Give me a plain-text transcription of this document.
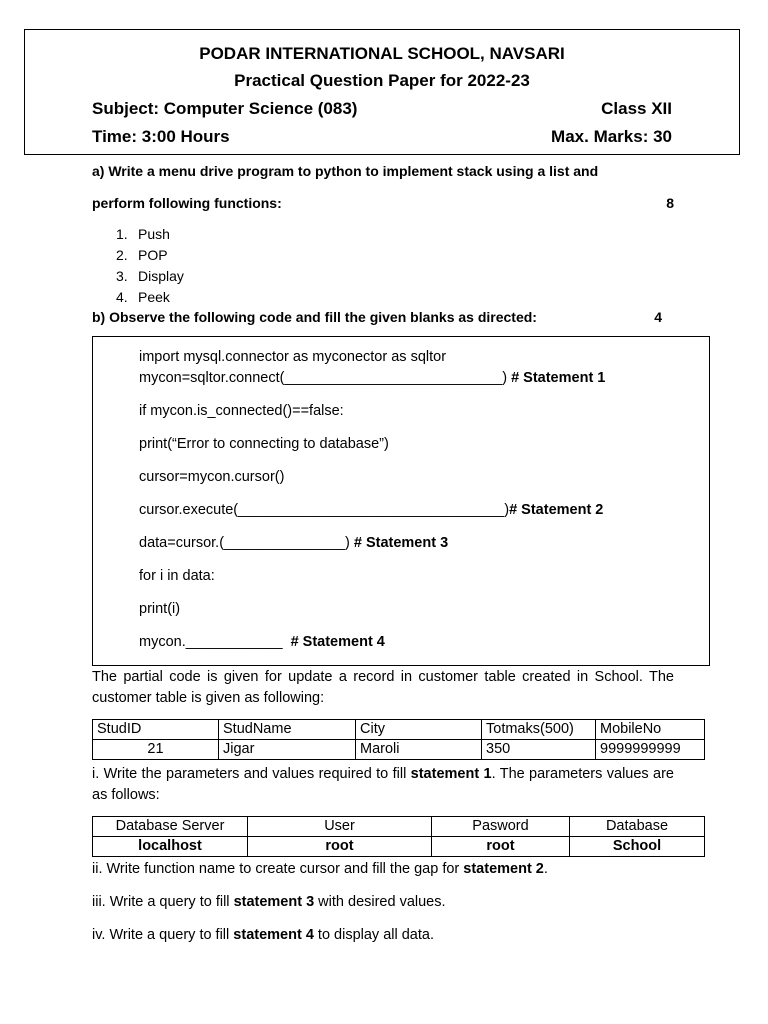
PODAR INTERNATIONAL SCHOOL, NAVSARI
Practical Question Paper for 2022-23
Subject: Computer Science (083)	Class XII
Time: 3:00 Hours	Max. Marks: 30
a) Write a menu drive program to python to implement stack using a list and
perform following functions:	8
1. Push
2. POP
3. Display
4. Peek
b) Observe the following code and fill the given blanks as directed:	4
import mysql.connector as myconector as sqltor
mycon=sqltor.connect(___________________________) # Statement 1
if mycon.is_connected()==false:
print(“Error to connecting to database”)
cursor=mycon.cursor()
cursor.execute(_________________________________)# Statement 2
data=cursor.(_______________) # Statement 3
for i in data:
print(i)
mycon.____________  # Statement 4
The partial code is given for update a record in customer table created in School. The customer table is given as following:
StudID	StudName	City	Totmaks(500)	MobileNo
21	Jigar	Maroli	350	9999999999
i. Write the parameters and values required to fill statement 1. The parameters values are as follows:
Database Server	User	Pasword	Database
localhost	root	root	School
ii. Write function name to create cursor and fill the gap for statement 2.
iii. Write a query to fill statement 3 with desired values.
iv. Write a query to fill statement 4 to display all data.
